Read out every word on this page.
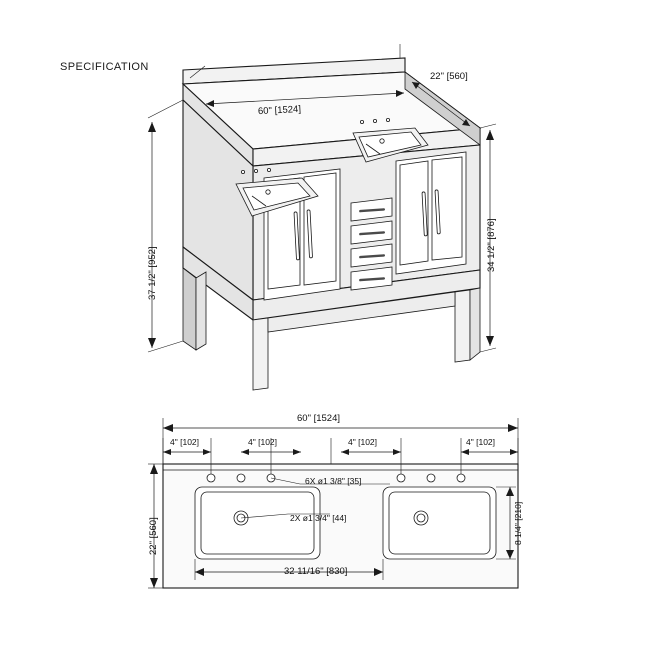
SPECIFICATION
60" [1524]
22" [560]
37 1/2" [952]
34 1/2" [876]
60" [1524]
22" [560]
4" [102]	4" [102]	4" [102]	4" [102]
32 11/16" [830]
8 1/4" [210]
6X ø1 3/8" [35]
2X ø1 3/4" [44]
